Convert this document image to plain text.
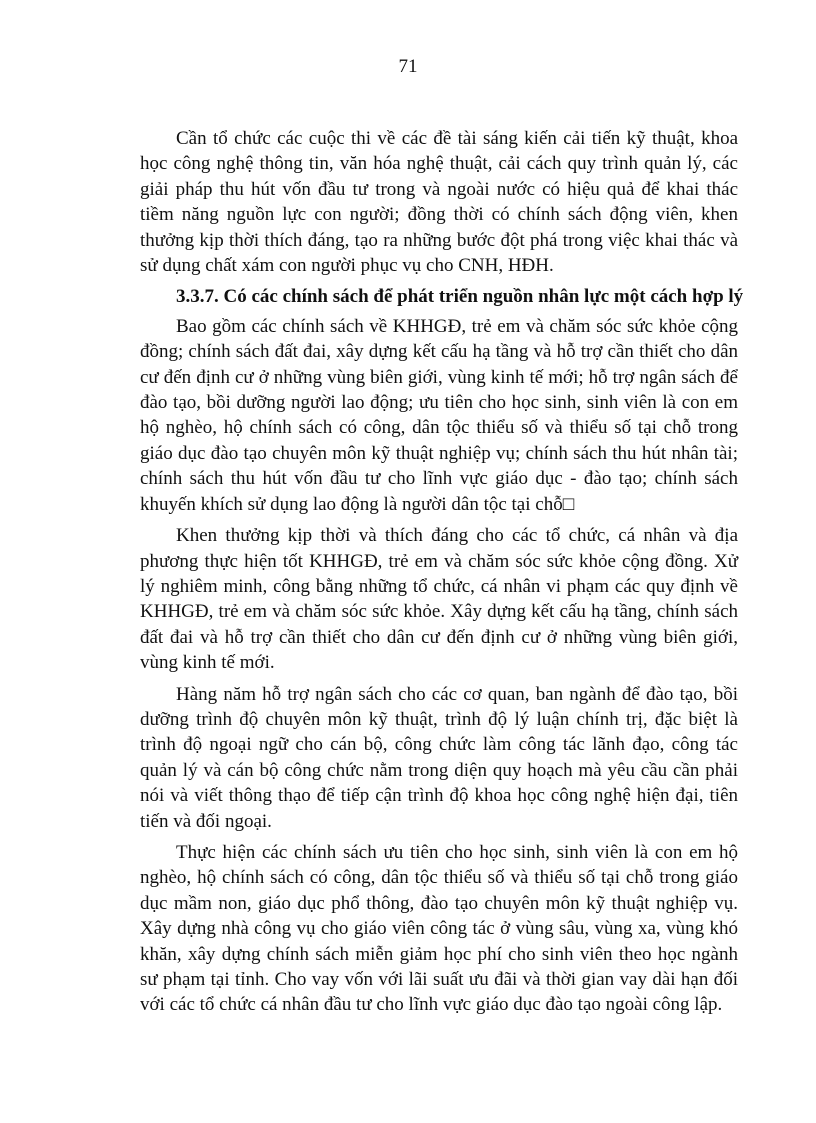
71

Cần tổ chức các cuộc thi về các đề tài sáng kiến cải tiến kỹ thuật, khoa học công nghệ thông tin, văn hóa nghệ thuật, cải cách quy trình quản lý, các giải pháp thu hút vốn đầu tư trong và ngoài nước có hiệu quả để khai thác tiềm năng nguồn lực con người; đồng thời có chính sách động viên, khen thưởng kịp thời thích đáng, tạo ra những bước đột phá trong việc khai thác và sử dụng chất xám con người phục vụ cho CNH, HĐH.

3.3.7. Có các chính sách để phát triển nguồn nhân lực một cách hợp lý

Bao gồm các chính sách về KHHGĐ, trẻ em và chăm sóc sức khỏe cộng đồng; chính sách đất đai, xây dựng kết cấu hạ tầng và hỗ trợ cần thiết cho dân cư đến định cư ở những vùng biên giới, vùng kinh tế mới; hỗ trợ ngân sách để đào tạo, bồi dưỡng người lao động; ưu tiên cho học sinh, sinh viên là con em hộ nghèo, hộ chính sách có công, dân tộc thiểu số và thiểu số tại chỗ trong giáo dục đào tạo chuyên môn kỹ thuật nghiệp vụ; chính sách thu hút nhân tài; chính sách thu hút vốn đầu tư cho lĩnh vực giáo dục - đào tạo; chính sách khuyến khích sử dụng lao động là người dân tộc tại chỗ□

Khen thưởng kịp thời và thích đáng cho các tổ chức, cá nhân và địa phương thực hiện tốt KHHGĐ, trẻ em và chăm sóc sức khỏe cộng đồng. Xử lý nghiêm minh, công bằng những tổ chức, cá nhân vi phạm các quy định về KHHGĐ, trẻ em và chăm sóc sức khỏe. Xây dựng kết cấu hạ tầng, chính sách đất đai và hỗ trợ cần thiết cho dân cư đến định cư ở những vùng biên giới, vùng kinh tế mới.

Hàng năm hỗ trợ ngân sách cho các cơ quan, ban ngành để đào tạo, bồi dưỡng trình độ chuyên môn kỹ thuật, trình độ lý luận chính trị, đặc biệt là trình độ ngoại ngữ cho cán bộ, công chức làm công tác lãnh đạo, công tác quản lý và cán bộ công chức nằm trong diện quy hoạch mà yêu cầu cần phải nói và viết thông thạo để tiếp cận trình độ khoa học công nghệ hiện đại, tiên tiến và đối ngoại.

Thực hiện các chính sách ưu tiên cho học sinh, sinh viên là con em hộ nghèo, hộ chính sách có công, dân tộc thiểu số và thiểu số tại chỗ trong giáo dục mầm non, giáo dục phổ thông, đào tạo chuyên môn kỹ thuật nghiệp vụ. Xây dựng nhà công vụ cho giáo viên công tác ở vùng sâu, vùng xa, vùng khó khăn, xây dựng chính sách miễn giảm học phí cho sinh viên theo học ngành sư phạm tại tỉnh. Cho vay vốn với lãi suất ưu đãi và thời gian vay dài hạn đối với các tổ chức cá nhân đầu tư cho lĩnh vực giáo dục đào tạo ngoài công lập.
